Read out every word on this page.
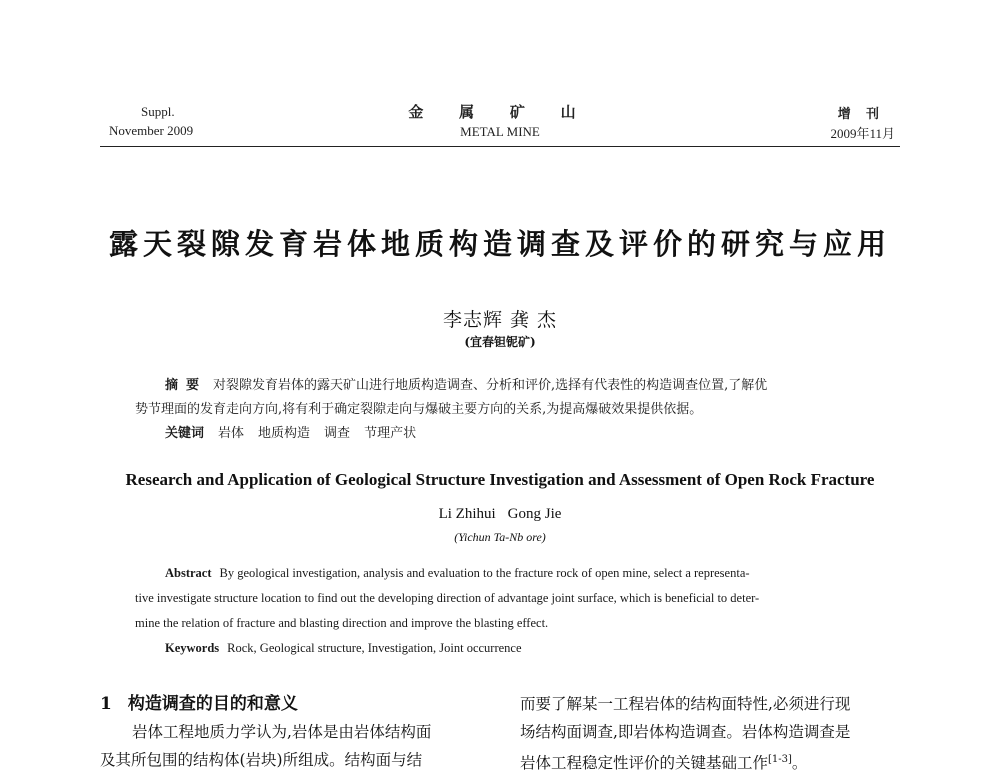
Suppl.
November 2009
金 属 矿 山
METAL MINE
增 刊
2009年11月
露天裂隙发育岩体地质构造调查及评价的研究与应用
李志辉 龚 杰
(宜春钽铌矿)
摘要 对裂隙发育岩体的露天矿山进行地质构造调查、分析和评价,选择有代表性的构造调查位置,了解优
势节理面的发育走向方向,将有利于确定裂隙走向与爆破主要方向的关系,为提高爆破效果提供依据。
关键词 岩体 地质构造 调查 节理产状
Research and Application of Geological Structure Investigation and Assessment of Open Rock Fracture
Li Zhihui Gong Jie
(Yichun Ta-Nb ore)
Abstract By geological investigation, analysis and evaluation to the fracture rock of open mine, select a representa-
tive investigate structure location to find out the developing direction of advantage joint surface, which is beneficial to deter-
mine the relation of fracture and blasting direction and improve the blasting effect.
Keywords Rock, Geological structure, Investigation, Joint occurrence
1 构造调查的目的和意义
岩体工程地质力学认为,岩体是由岩体结构面
及其所包围的结构体(岩块)所组成。结构面与结
而要了解某一工程岩体的结构面特性,必须进行现
场结构面调查,即岩体构造调查。岩体构造调查是
岩体工程稳定性评价的关键基础工作[1-3]。
